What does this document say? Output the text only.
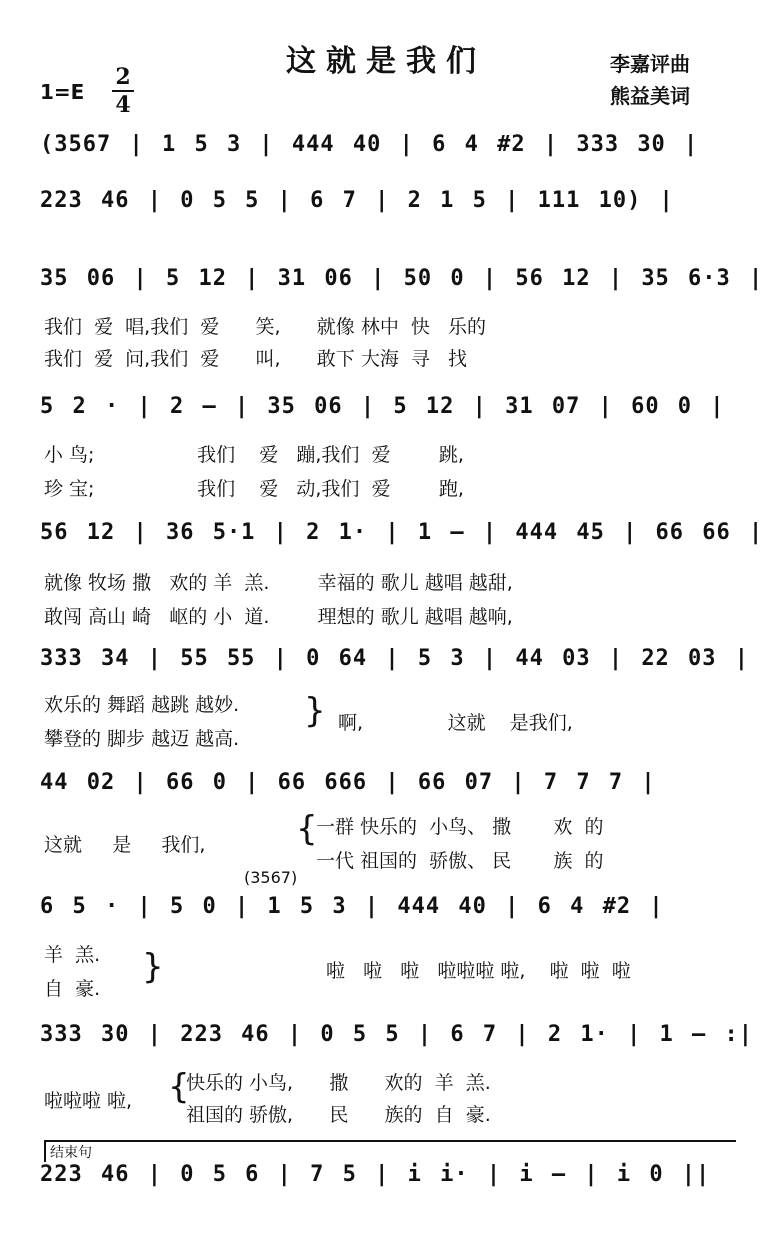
这就是我们	李嘉评曲
熊益美词
1=E
2
4
(3567 | 1 5 3 | 444 40 | 6 4 #2 | 333 30 |
223 46 | 0 5 5 | 6 7 | 2 1 5 | 111 10) |
35 06 | 5 12 | 31 06 | 50 0 | 56 12 | 35 6·3 |
我们  爱  唱,我们  爱      笑,      就像 林中  快   乐的
我们  爱  问,我们  爱      叫,      敢下 大海  寻   找
5 2 · | 2 — | 35 06 | 5 12 | 31 07 | 60 0 |
小 鸟;                 我们    爱   蹦,我们  爱        跳,
珍 宝;                 我们    爱   动,我们  爱        跑,
56 12 | 36 5·1 | 2 1· | 1 — | 444 45 | 66 66 |
就像 牧场 撒   欢的 羊  羔.        幸福的 歌儿 越唱 越甜,
敢闯 高山 崎   岖的 小  道.        理想的 歌儿 越唱 越响,
333 34 | 55 55 | 0 64 | 5 3 | 44 03 | 22 03 |
欢乐的 舞蹈 越跳 越妙.
攀登的 脚步 越迈 越高.
} 啊,              这就    是我们,
44 02 | 66 0 | 66 666 | 66 07 | 7 7 7 |
这就     是     我们,	{
一群 快乐的  小鸟、 撒       欢  的
一代 祖国的  骄傲、 民       族  的
(3567)
6 5 · | 5 0 | 1 5 3 | 444 40 | 6 4 #2 |
羊  羔.
自  豪.
}	啦   啦   啦   啦啦啦 啦,    啦  啦  啦
333 30 | 223 46 | 0 5 5 | 6 7 | 2 1· | 1 — :|
啦啦啦 啦,	{
快乐的 小鸟,      撒      欢的  羊  羔.
祖国的 骄傲,      民      族的  自  豪.
结束句
223 46 | 0 5 6 | 7 5 | i i· | i — | i 0 ||
